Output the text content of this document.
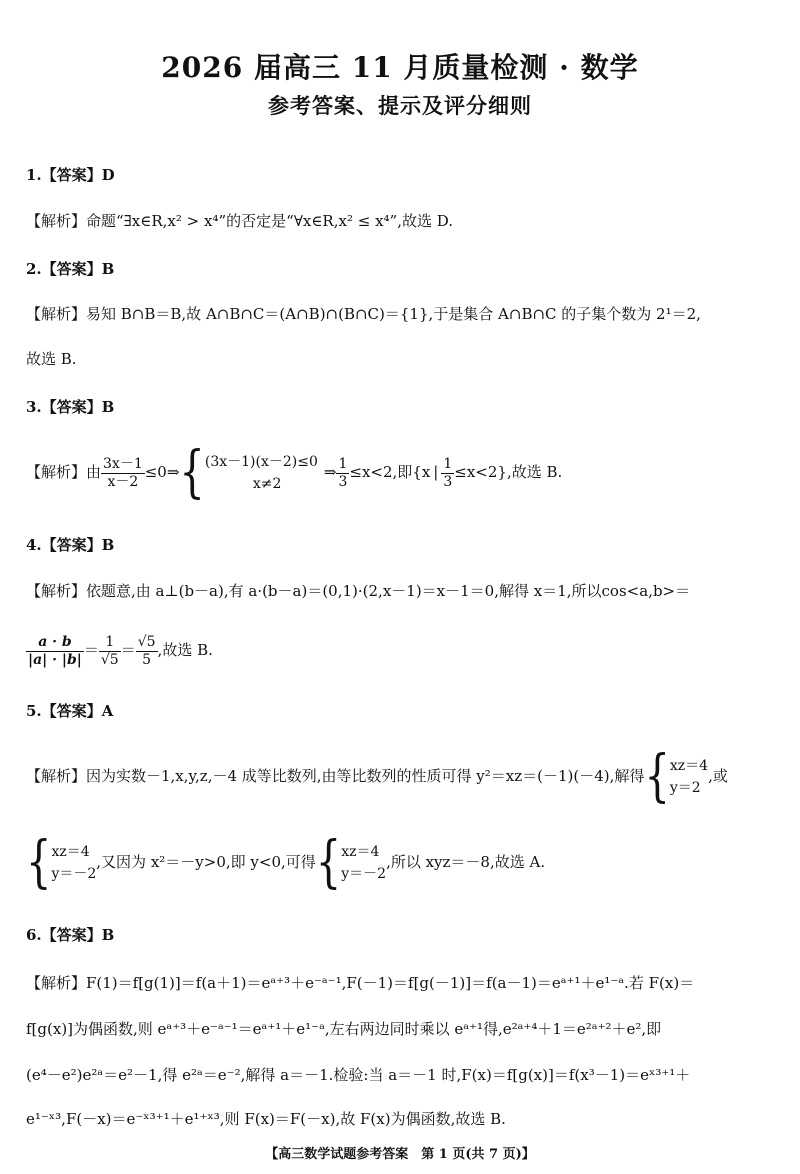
2026 届高三 11 月质量检测 · 数学
参考答案、提示及评分细则
1.【答案】D
【解析】命题“∃x∈R,x² > x⁴”的否定是“∀x∈R,x² ≤ x⁴”,故选 D.
2.【答案】B
【解析】易知 B∩B＝B,故 A∩B∩C＝(A∩B)∩(B∩C)＝{1},于是集合 A∩B∩C 的子集个数为 2¹＝2,
故选 B.
3.【答案】B
【解析】由 $\frac{3x-1}{x-2}$ ≤0⇒{ (3x－1)(x－2)≤0
x≠2
⇒ $\frac{1}{3} \le x<2$,即{x | $\frac{1}{3} \le x<2$},故选 B.
4.【答案】B
【解析】依题意,由 a⊥(b－a),有 a·(b－a)＝(0,1)·(2,x－1)＝x－1＝0,解得 x＝1,所以cos<a,b>＝
$\frac{a \cdot b}{|a| \cdot |b|} = \frac{1}{√5} = \frac{√5}{5}$ ,故选 B.
5.【答案】A
【解析】因为实数－1,x,y,z,－4 成等比数列,由等比数列的性质可得 y²＝xz＝(－1)(－4),解得{ xz＝4
y＝2
,或
{ xz＝4
y＝－2
,又因为 x²＝－y>0,即 y<0,可得{ xz＝4
y＝－2
,所以 xyz＝－8,故选 A.
6.【答案】B
【解析】F(1)＝f[g(1)]＝f(a＋1)＝eᵃ⁺³＋e⁻ᵃ⁻¹,F(－1)＝f[g(－1)]＝f(a－1)＝eᵃ⁺¹＋e¹⁻ᵃ.若 F(x)＝
f[g(x)]为偶函数,则 eᵃ⁺³＋e⁻ᵃ⁻¹＝eᵃ⁺¹＋e¹⁻ᵃ,左右两边同时乘以 eᵃ⁺¹得,e²ᵃ⁺⁴＋1＝e²ᵃ⁺²＋e²,即
(e⁴－e²)e²ᵃ＝e²－1,得 e²ᵃ＝e⁻²,解得 a＝－1.检验:当 a＝－1 时,F(x)＝f[g(x)]＝f(x³－1)＝eˣ³⁺¹＋
e¹⁻ˣ³,F(－x)＝e⁻ˣ³⁺¹＋e¹⁺ˣ³,则 F(x)＝F(－x),故 F(x)为偶函数,故选 B.
【高三数学试题参考答案　第 1 页(共 7 页)】
